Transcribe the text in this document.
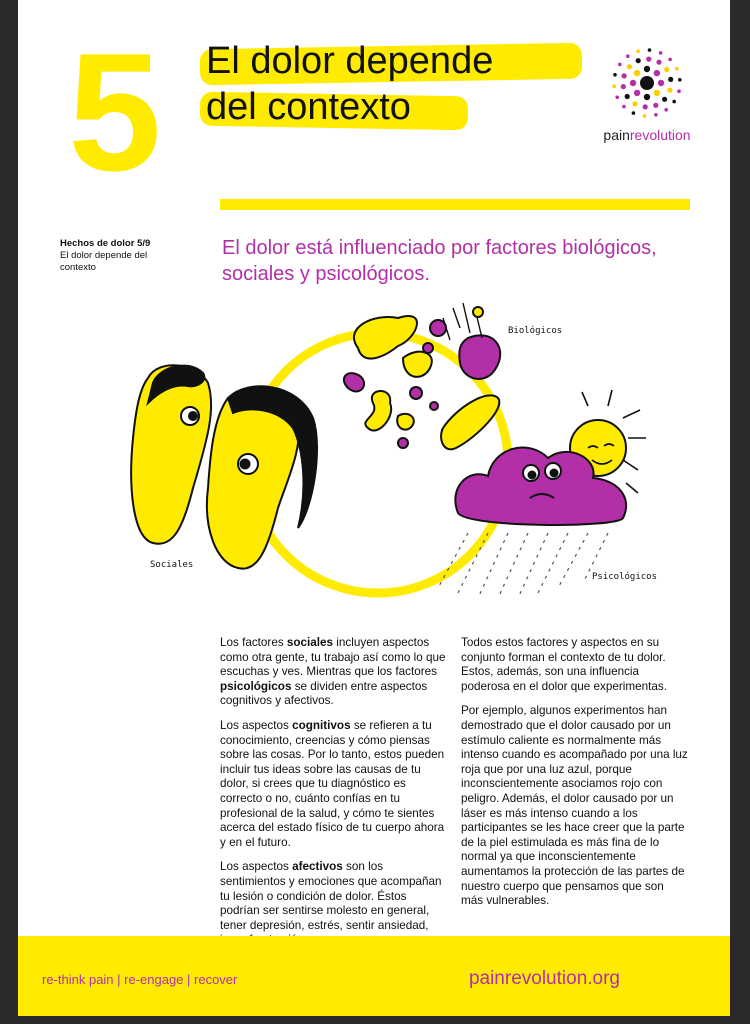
5 El dolor depende
del contexto
painrevolution
Hechos de dolor 5/9
El dolor depende del contexto
El dolor está influenciado por factores biológicos, sociales y psicológicos.
Biológicos
Sociales
Psicológicos

Los factores sociales incluyen aspectos como otra gente, tu trabajo así como lo que escuchas y ves. Mientras que los factores psicológicos se dividen entre aspectos cognitivos y afectivos.

Los aspectos cognitivos se refieren a tu conocimiento, creencias y cómo piensas sobre las cosas. Por lo tanto, estos pueden incluir tus ideas sobre las causas de tu dolor, si crees que tu diagnóstico es correcto o no, cuánto confías en tu profesional de la salud, y cómo te sientes acerca del estado físico de tu cuerpo ahora y en el futuro.

Los aspectos afectivos son los sentimientos y emociones que acompañan tu lesión o condición de dolor. Éstos podrían ser sentirse molesto en general, tener depresión, estrés, sentir ansiedad,

Todos estos factores y aspectos en su conjunto forman el contexto de tu dolor. Estos, además, son una influencia poderosa en el dolor que experimentas.

Por ejemplo, algunos experimentos han demostrado que el dolor causado por un estímulo caliente es normalmente más intenso cuando es acompañado por una luz roja que por una luz azul, porque inconscientemente asociamos rojo con peligro. Además, el dolor causado por un láser es más intenso cuando a los participantes se les hace creer que la parte de la piel estimulada es más fina de lo normal ya que inconscientemente aumentamos la protección de las partes de nuestro cuerpo que pensamos que son más vulnerables.

re-think pain | re-engage | recover	painrevolution.org
